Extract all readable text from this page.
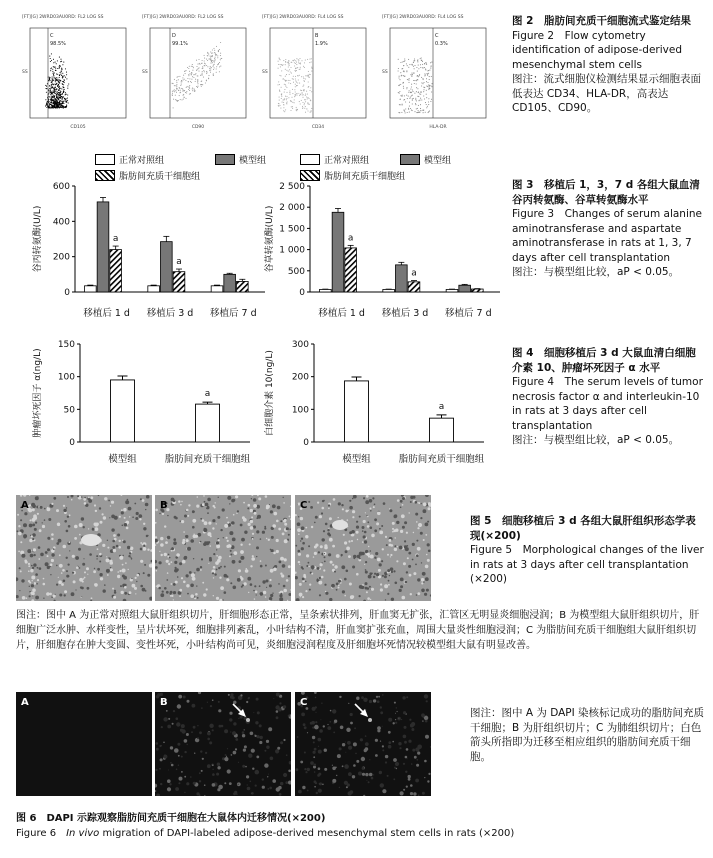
[FT][G] 2WRD03AU0RD: FL2 LOG SS
C
98.5%
SS
CD105
[FT][G] 2WRD03AU0RD: FL2 LOG SS
D
99.1%
SS
CD90
[FT][G] 2WRD03AU0RD: FL4 LOG SS
B
1.9%
SS
CD34
[FT][G] 2WRD03AU0RD: FL4 LOG SS
C
0.3%
SS
HLA-DR
图 2　脂肪间充质干细胞流式鉴定结果
Figure 2　Flow cytometry identification of adipose-derived mesenchymal stem cells
图注：流式细胞仪检测结果显示细胞表面低表达 CD34、HLA-DR，高表达 CD105、CD90。
正常对照组	模型组
脂肪间充质干细胞组
正常对照组	模型组
脂肪间充质干细胞组
0
200
400
600
谷丙转氨酶(U/L)	a
移植后 1 d
a
移植后 3 d 移植后 7 d
0
500
1 000
1 500
2 000
2 500
谷草转氨酶(U/L)	a
移植后 1 d
a
移植后 3 d 移植后 7 d
图 3　移植后 1，3，7 d 各组大鼠血清谷丙转氨酶、谷草转氨酶水平
Figure 3　Changes of serum alanine aminotransferase and aspartate aminotransferase in rats at 1, 3, 7 days after cell transplantation
图注：与模型组比较，aP < 0.05。
0
50
100
150
肿瘤坏死因子 α(ng/L)
模型组
a
脂肪间充质干细胞组
0
100
200
300
白细胞介素 10(ng/L)
模型组
a
脂肪间充质干细胞组
图 4　细胞移植后 3 d 大鼠血清白细胞介素 10、肿瘤坏死因子 α 水平
Figure 4　The serum levels of tumor necrosis factor α and interleukin-10 in rats at 3 days after cell transplantation
图注：与模型组比较，aP < 0.05。
A	B	C
图 5　细胞移植后 3 d 各组大鼠肝组织形态学表现(×200)
Figure 5　Morphological changes of the liver in rats at 3 days after cell transplantation (×200)
图注：图中 A 为正常对照组大鼠肝组织切片，肝细胞形态正常，呈条索状排列，肝血窦无扩张，汇管区无明显炎细胞浸润；B 为模型组大鼠肝组织切片，肝细胞广泛水肿、水样变性，呈片状坏死，细胞排列紊乱，小叶结构不清，肝血窦扩张充血，周围大量炎性细胞浸润；C 为脂肪间充质干细胞组大鼠肝组织切片，肝细胞存在肿大变圆、变性坏死，小叶结构尚可见，炎细胞浸润程度及肝细胞坏死情况较模型组大鼠有明显改善。
A	B	C
图注：图中 A 为 DAPI 染核标记成功的脂肪间充质干细胞；B 为肝组织切片；C 为肺组织切片；白色箭头所指即为迁移至相应组织的脂肪间充质干细胞。
图 6　DAPI 示踪观察脂肪间充质干细胞在大鼠体内迁移情况(×200)
Figure 6　In vivo migration of DAPI-labeled adipose-derived mesenchymal stem cells in rats (×200)
